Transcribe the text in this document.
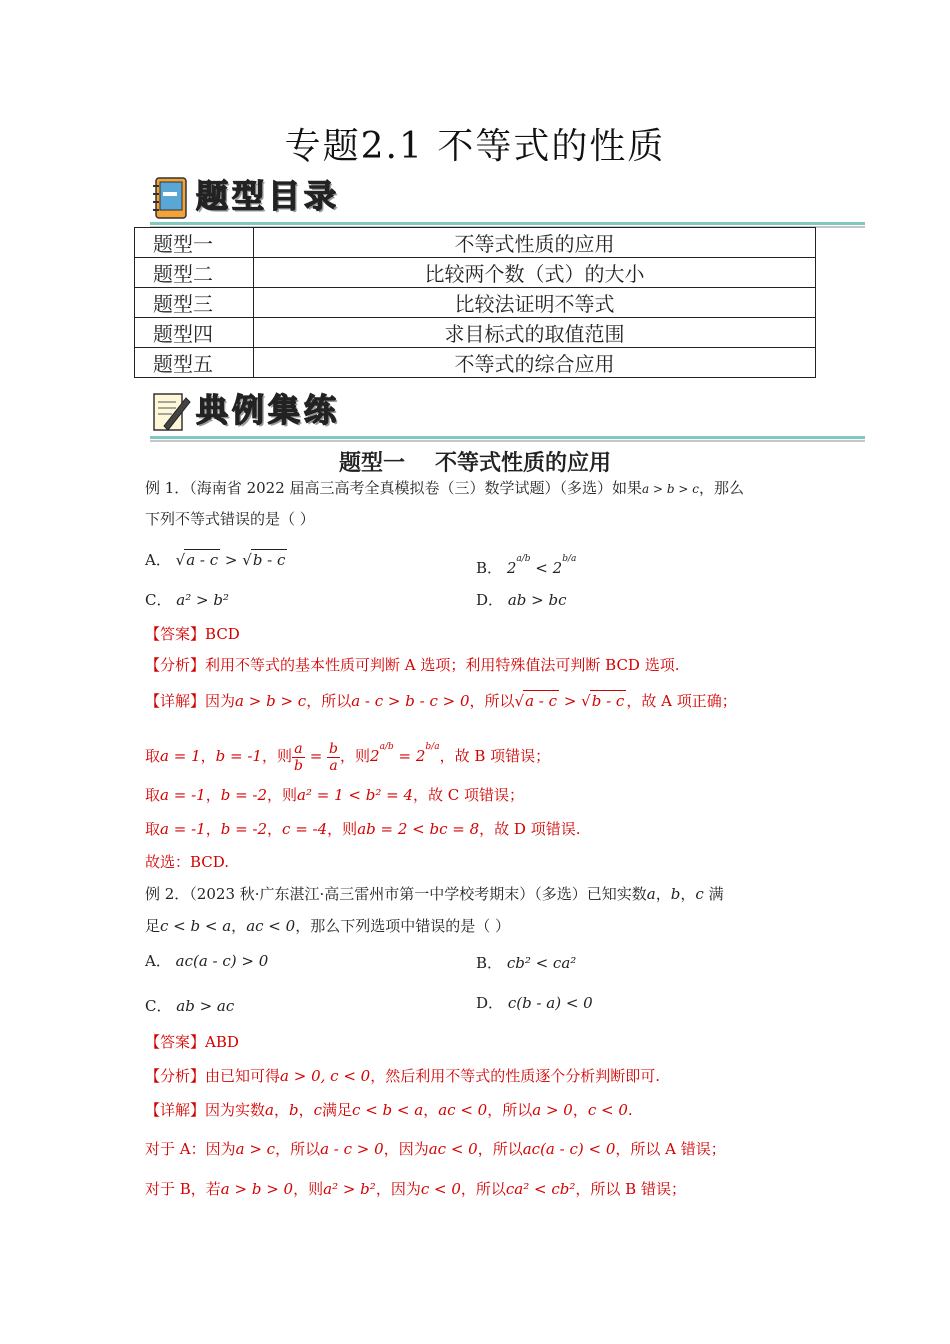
专题2.1 不等式的性质
题型目录
题型一	不等式性质的应用
题型二	比较两个数（式）的大小
题型三	比较法证明不等式
题型四	求目标式的取值范围
题型五	不等式的综合应用
典例集练
题型一 不等式性质的应用
例 1．（海南省 2022 届高三高考全真模拟卷（三）数学试题）（多选）如果a > b > c，那么
下列不等式错误的是（ ）
A． √a - c > √b - c	B． $2^{a/b} < 2^{b/a}$
C． a² > b²	D． ab > bc
【答案】BCD
【分析】利用不等式的基本性质可判断 A 选项；利用特殊值法可判断 BCD 选项.
【详解】因为a > b > c，所以a - c > b - c > 0，所以√a - c > √b - c ，故 A 项正确；
取a = 1，b = -1，则 $\frac{a}{b} = \frac{b}{a}$ ，则$2^{a/b} = 2^{b/a}$，故 B 项错误；
取a = -1，b = -2，则a² = 1 < b² = 4，故 C 项错误；
取a = -1，b = -2，c = -4，则ab = 2 < bc = 8，故 D 项错误.
故选：BCD.
例 2．（2023 秋·广东湛江·高三雷州市第一中学校考期末）（多选）已知实数a，b，c 满
足c < b < a，ac < 0，那么下列选项中错误的是（ ）
A． ac(a - c) > 0	B． cb² < ca²
C． ab > ac	D． c(b - a) < 0
【答案】ABD
【分析】由已知可得a > 0, c < 0，然后利用不等式的性质逐个分析判断即可.
【详解】因为实数a，b，c满足c < b < a，ac < 0，所以a > 0，c < 0.
对于 A：因为a > c，所以a - c > 0，因为ac < 0，所以ac(a - c) < 0，所以 A 错误；
对于 B，若a > b > 0，则a² > b²，因为c < 0，所以ca² < cb²，所以 B 错误；
